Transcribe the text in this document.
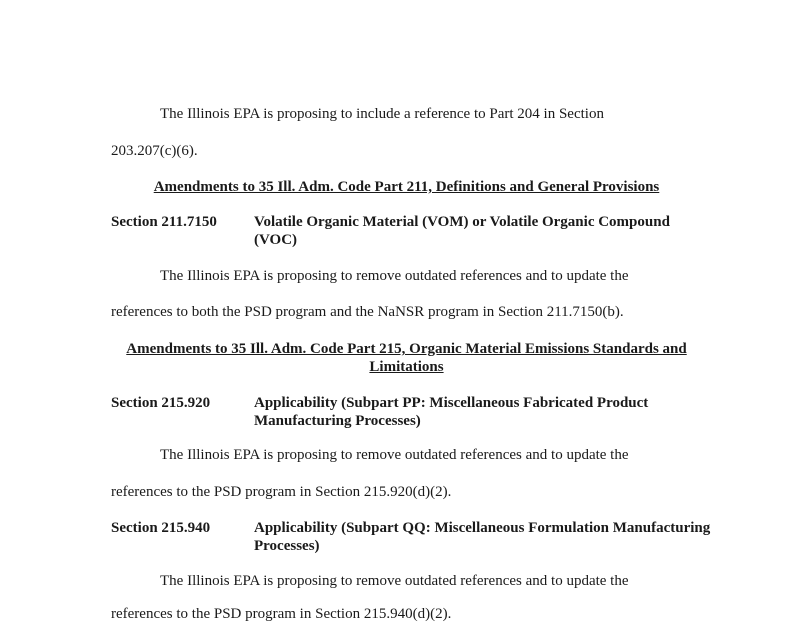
The Illinois EPA is proposing to include a reference to Part 204 in Section
203.207(c)(6).
Amendments to 35 Ill. Adm. Code Part 211, Definitions and General Provisions
Section 211.7150 Volatile Organic Material (VOM) or Volatile Organic Compound (VOC)
The Illinois EPA is proposing to remove outdated references and to update the
references to both the PSD program and the NaNSR program in Section 211.7150(b).
Amendments to 35 Ill. Adm. Code Part 215, Organic Material Emissions Standards and Limitations
Section 215.920	Applicability (Subpart PP: Miscellaneous Fabricated Product Manufacturing Processes)
The Illinois EPA is proposing to remove outdated references and to update the
references to the PSD program in Section 215.920(d)(2).
Section 215.940	Applicability (Subpart QQ: Miscellaneous Formulation Manufacturing Processes)
The Illinois EPA is proposing to remove outdated references and to update the
references to the PSD program in Section 215.940(d)(2).
